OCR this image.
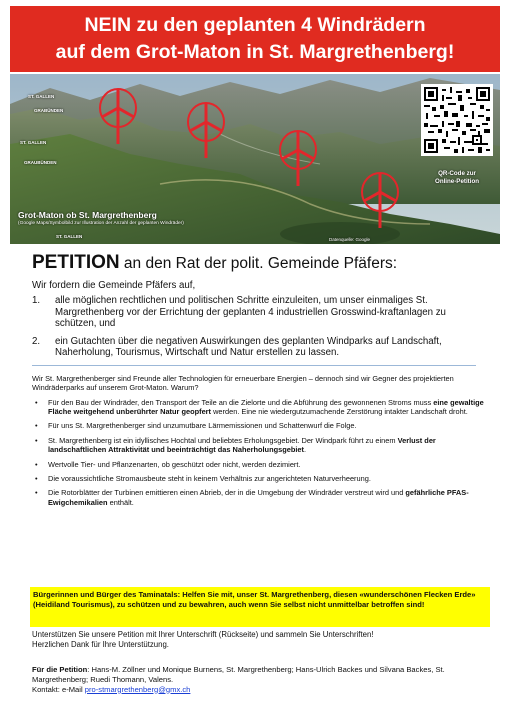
NEIN zu den geplanten 4 Windrädern
auf dem Grot-Maton in St. Margrethenberg!
ST. GALLEN
GRABÜNDEN
ST. GALLEN
GRAUBÜNDEN
ST. GALLEN
QR-Code zur
Online-Petition
Grot-Maton ob St. Margrethenberg
(Google Maps/Symbolbild zur Illustration der Anzahl der geplanten Windräder)
Datenquelle: Google
PETITION an den Rat der polit. Gemeinde Pfäfers:
Wir fordern die Gemeinde Pfäfers auf,
1. alle möglichen rechtlichen und politischen Schritte einzuleiten, um unser einmaliges St. Margrethenberg vor der Errichtung der geplanten 4 industriellen Grosswind-kraftanlagen zu schützen, und
2. ein Gutachten über die negativen Auswirkungen des geplanten Windparks auf Landschaft, Naherholung, Tourismus, Wirtschaft und Natur erstellen zu lassen.
Wir St. Margrethenberger sind Freunde aller Technologien für erneuerbare Energien – dennoch sind wir Gegner des projektierten Windräderparks auf unserem Grot-Maton. Warum?
• Für den Bau der Windräder, den Transport der Teile an die Zielorte und die Abführung des gewonnenen Stroms muss eine gewaltige Fläche weitgehend unberührter Natur geopfert werden. Eine nie wiedergutzumachende Zerstörung intakter Landschaft droht.
• Für uns St. Margrethenberger sind unzumutbare Lärmemissionen und Schattenwurf die Folge.
• St. Margrethenberg ist ein idyllisches Hochtal und beliebtes Erholungsgebiet. Der Windpark führt zu einem Verlust der landschaftlichen Attraktivität und beeinträchtigt das Naherholungsgebiet.
• Wertvolle Tier- und Pflanzenarten, ob geschützt oder nicht, werden dezimiert.
• Die voraussichtliche Stromausbeute steht in keinem Verhältnis zur angerichteten Naturverheerung.
• Die Rotorblätter der Turbinen emittieren einen Abrieb, der in die Umgebung der Windräder verstreut wird und gefährliche PFAS-Ewigchemikalien enthält.
Bürgerinnen und Bürger des Taminatals: Helfen Sie mit, unser St. Margrethenberg, diesen «wunderschönen Flecken Erde» (Heidiland Tourismus), zu schützen und zu bewahren, auch wenn Sie selbst nicht unmittelbar betroffen sind!
Unterstützen Sie unsere Petition mit Ihrer Unterschrift (Rückseite) und sammeln Sie Unterschriften!
Herzlichen Dank für Ihre Unterstützung.
Für die Petition: Hans-M. Zöllner und Monique Burnens, St. Margrethenberg; Hans-Ulrich Backes und Silvana Backes, St. Margrethenberg; Ruedi Thomann, Valens.
Kontakt: e-Mail pro-stmargrethenberg@gmx.ch
